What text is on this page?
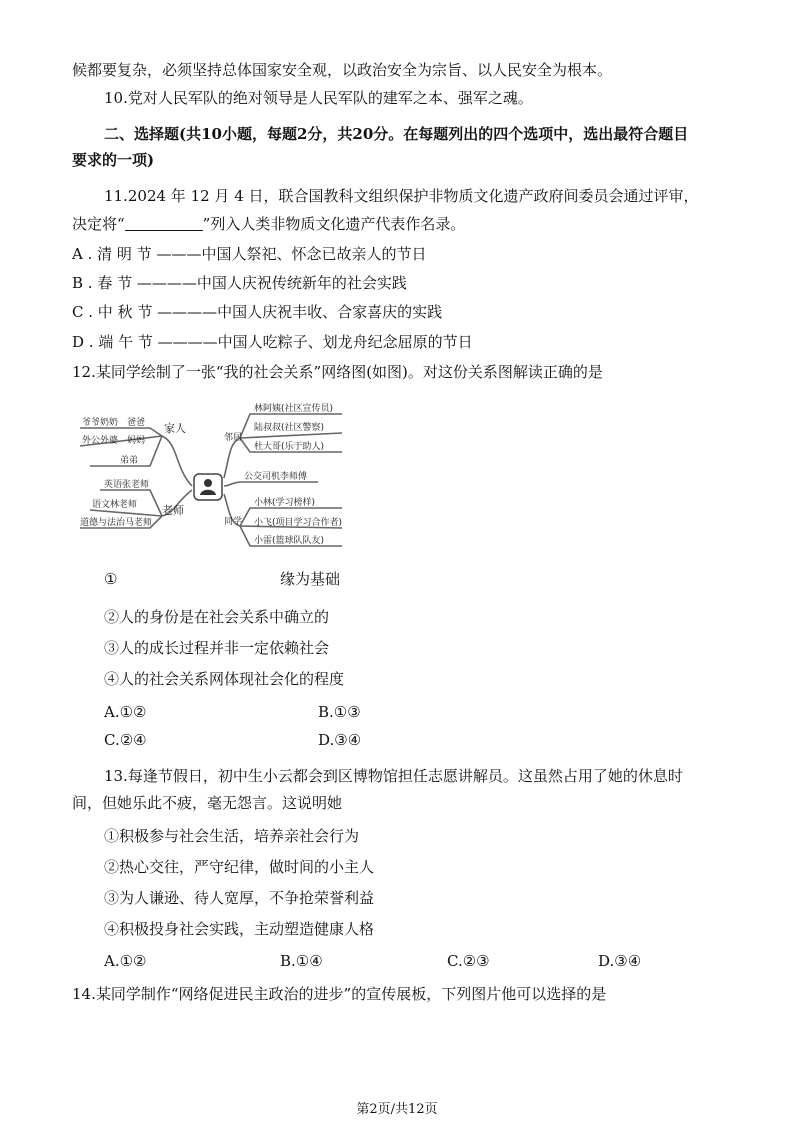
候都要复杂，必须坚持总体国家安全观，以政治安全为宗旨、以人民安全为根本。
10.党对人民军队的绝对领导是人民军队的建军之本、强军之魂。
二、选择题(共10小题，每题2分，共20分。在每题列出的四个选项中，选出最符合题目
要求的一项)
11.2024 年 12 月 4 日，联合国教科文组织保护非物质文化遗产政府间委员会通过评审，
决定将“	”列入人类非物质文化遗产代表作名录。
A . 清 明 节 ———中国人祭祀、怀念已故亲人的节日
B . 春 节 ————中国人庆祝传统新年的社会实践
C . 中 秋 节 ————中国人庆祝丰收、合家喜庆的实践
D . 端 午 节 ————中国人吃粽子、划龙舟纪念屈原的节日
12.某同学绘制了一张“我的社会关系”网络图(如图)。对这份关系图解读正确的是
家人
爷爷奶奶　爸爸
外公外婆　妈妈
弟弟
老师
英语张老师
语文林老师
道德与法治马老师
邻居
林阿姨(社区宣传员)
陆叔叔(社区警察)
杜大哥(乐于助人)
公交司机李师傅
同学
小林(学习榜样)
小飞(项目学习合作者)
小雷(篮球队队友)
①	缘为基础
②人的身份是在社会关系中确立的
③人的成长过程并非一定依赖社会
④人的社会关系网体现社会化的程度
A.①②	B.①③
C.②④	D.③④
13.每逢节假日，初中生小云都会到区博物馆担任志愿讲解员。这虽然占用了她的休息时
间，但她乐此不疲，毫无怨言。这说明她
①积极参与社会生活，培养亲社会行为
②热心交往，严守纪律，做时间的小主人
③为人谦逊、待人宽厚，不争抢荣誉利益
④积极投身社会实践，主动塑造健康人格
A.①②	B.①④	C.②③	D.③④
14.某同学制作“网络促进民主政治的进步”的宣传展板，下列图片他可以选择的是
第2页/共12页
